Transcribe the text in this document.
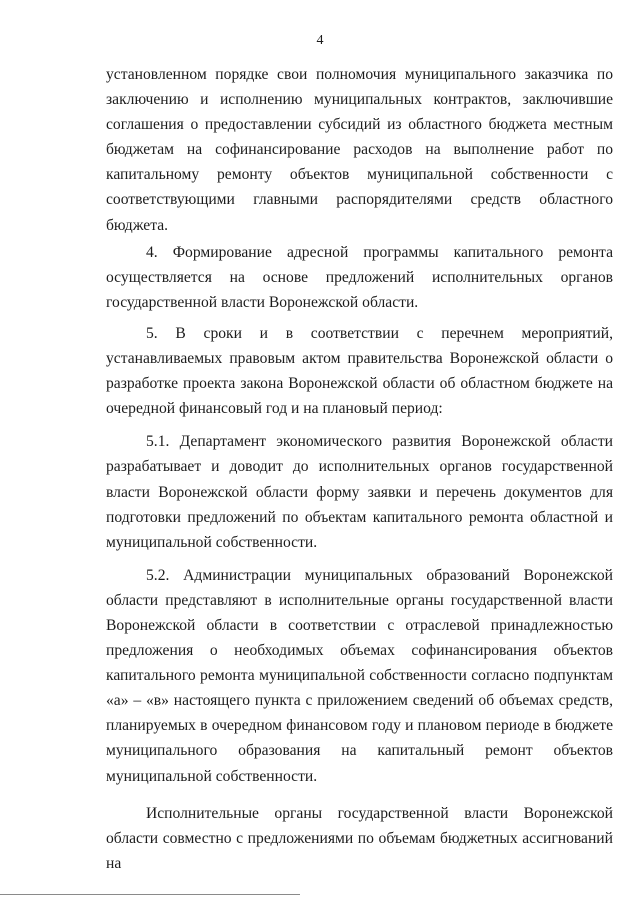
4

установленном порядке свои полномочия муниципального заказчика по заключению и исполнению муниципальных контрактов, заключившие соглашения о предоставлении субсидий из областного бюджета местным бюджетам на софинансирование расходов на выполнение работ по капитальному ремонту объектов муниципальной собственности с соответствующими главными распорядителями средств областного бюджета.

4. Формирование адресной программы капитального ремонта осуществляется на основе предложений исполнительных органов государственной власти Воронежской области.

5. В сроки и в соответствии с перечнем мероприятий, устанавливаемых правовым актом правительства Воронежской области о разработке проекта закона Воронежской области об областном бюджете на очередной финансовый год и на плановый период:

5.1. Департамент экономического развития Воронежской области разрабатывает и доводит до исполнительных органов государственной власти Воронежской области форму заявки и перечень документов для подготовки предложений по объектам капитального ремонта областной и муниципальной собственности.

5.2. Администрации муниципальных образований Воронежской области представляют в исполнительные органы государственной власти Воронежской области в соответствии с отраслевой принадлежностью предложения о необходимых объемах софинансирования объектов капитального ремонта муниципальной собственности согласно подпунктам «а» – «в» настоящего пункта с приложением сведений об объемах средств, планируемых в очередном финансовом году и плановом периоде в бюджете муниципального образования на капитальный ремонт объектов муниципальной собственности.

Исполнительные органы государственной власти Воронежской области совместно с предложениями по объемам бюджетных ассигнований на
